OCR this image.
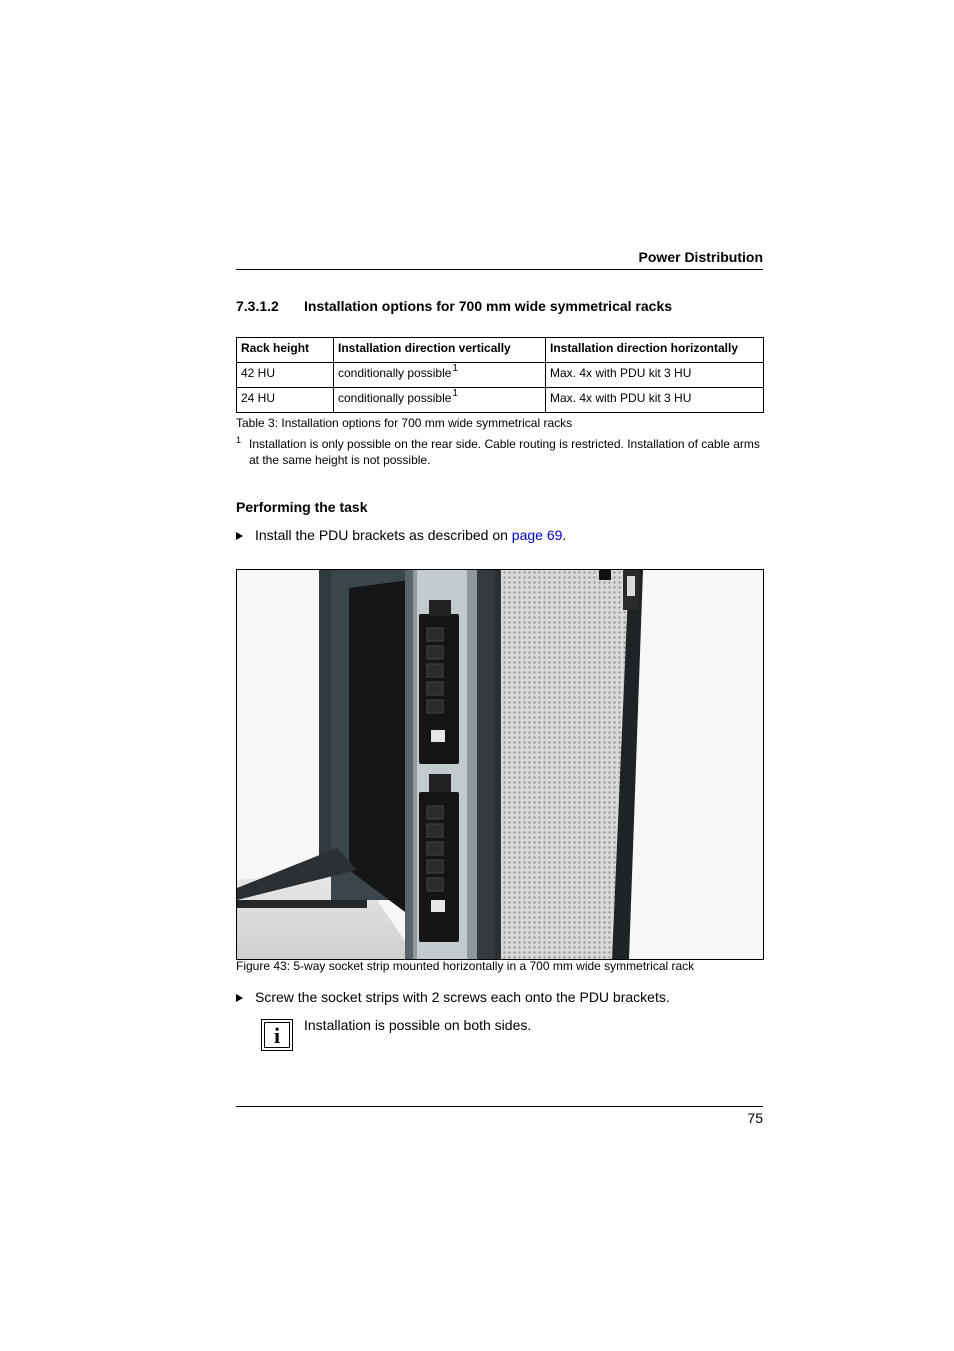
Power Distribution
7.3.1.2 Installation options for 700 mm wide symmetrical racks
Rack height	Installation direction vertically	Installation direction horizontally
42 HU	conditionally possible$^1$	Max. 4x with PDU kit 3 HU
24 HU	conditionally possible$^1$	Max. 4x with PDU kit 3 HU
Table 3: Installation options for 700 mm wide symmetrical racks
1 Installation is only possible on the rear side. Cable routing is restricted. Installation of cable arms at the same height is not possible.
Performing the task
Install the PDU brackets as described on page 69.
Figure 43: 5-way socket strip mounted horizontally in a 700 mm wide symmetrical rack
Screw the socket strips with 2 screws each onto the PDU brackets.
i	Installation is possible on both sides.
75
